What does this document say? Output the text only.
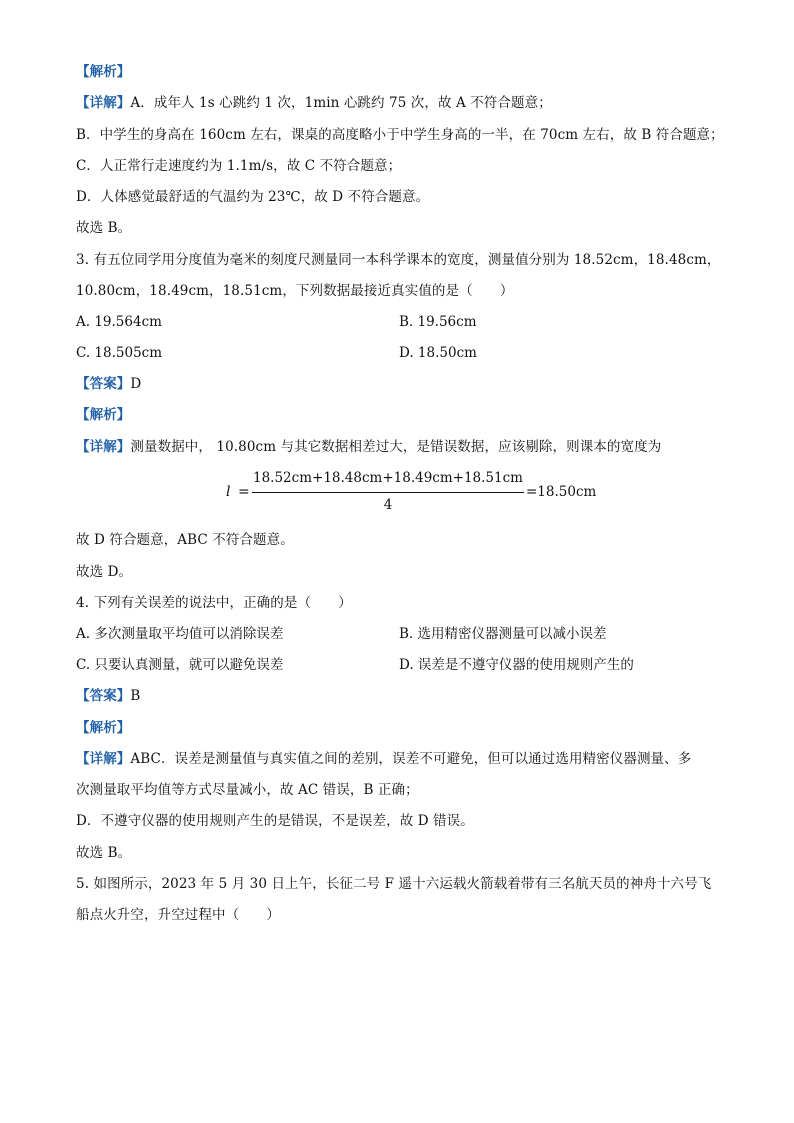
【解析】
【详解】A．成年人 1s 心跳约 1 次，1min 心跳约 75 次，故 A 不符合题意；
B．中学生的身高在 160cm 左右，课桌的高度略小于中学生身高的一半，在 70cm 左右，故 B 符合题意；
C．人正常行走速度约为 1.1m/s，故 C 不符合题意；
D．人体感觉最舒适的气温约为 23℃，故 D 不符合题意。
故选 B。
3. 有五位同学用分度值为毫米的刻度尺测量同一本科学课本的宽度，测量值分别为 18.52cm，18.48cm，
10.80cm，18.49cm，18.51cm，下列数据最接近真实值的是（　　）
A. 19.564cm	B. 19.56cm
C. 18.505cm	D. 18.50cm
【答案】D
【解析】
【详解】测量数据中， 10.80cm 与其它数据相差过大，是错误数据，应该剔除，则课本的宽度为
l =
18.52cm+18.48cm+18.49cm+18.51cm
4
=18.50cm
故 D 符合题意，ABC 不符合题意。
故选 D。
4. 下列有关误差的说法中，正确的是（　　）
A. 多次测量取平均值可以消除误差	B. 选用精密仪器测量可以减小误差
C. 只要认真测量，就可以避免误差	D. 误差是不遵守仪器的使用规则产生的
【答案】B
【解析】
【详解】ABC．误差是测量值与真实值之间的差别，误差不可避免，但可以通过选用精密仪器测量、多
次测量取平均值等方式尽量减小，故 AC 错误，B 正确；
D．不遵守仪器的使用规则产生的是错误，不是误差，故 D 错误。
故选 B。
5. 如图所示，2023 年 5 月 30 日上午，长征二号 F 遥十六运载火箭载着带有三名航天员的神舟十六号飞
船点火升空，升空过程中（　　）
